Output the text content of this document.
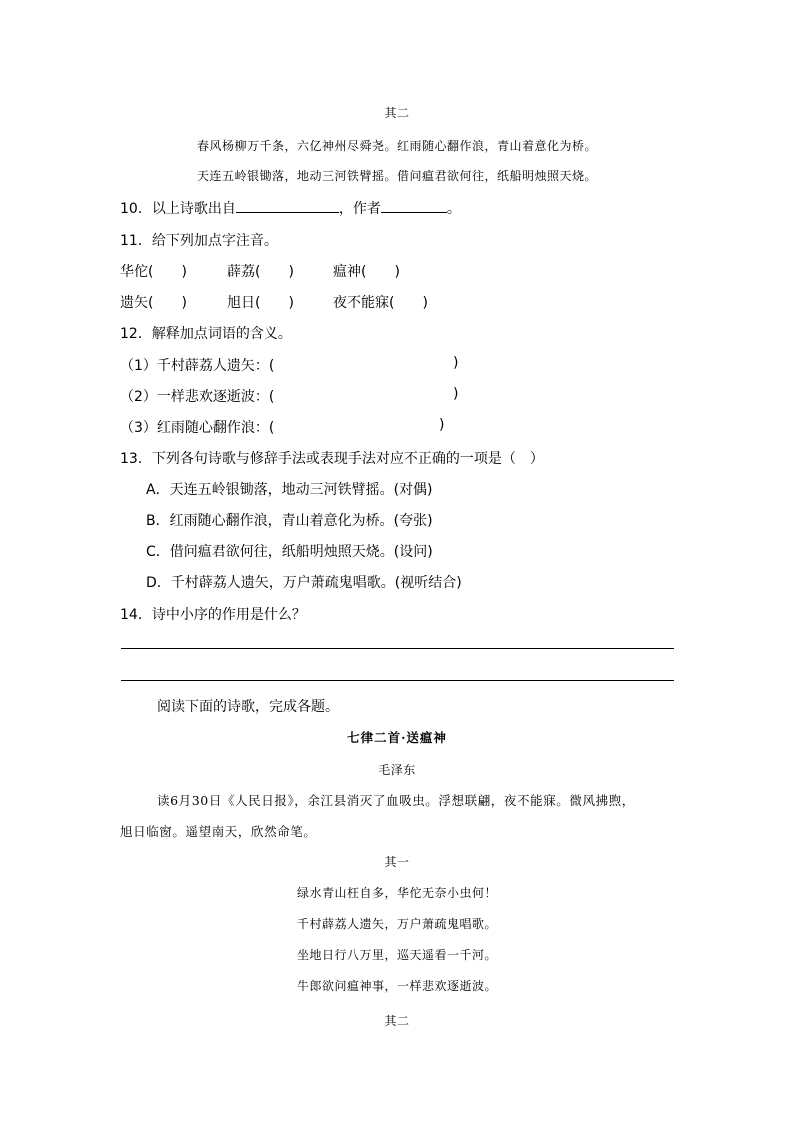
其二
春风杨柳万千条，六亿神州尽舜尧。红雨随心翻作浪，青山着意化为桥。
天连五岭银锄落，地动三河铁臂摇。借问瘟君欲何往，纸船明烛照天烧。
10．以上诗歌出自	，作者	。
11．给下列加点字注音。
华佗(　　)	薜荔(　　)	瘟神(　　)
遗矢(　　)	旭日(　　)	夜不能寐(　　)
12．解释加点词语的含义。
（1）千村薜荔人遗矢：(	)
（2）一样悲欢逐逝波：(	)
（3）红雨随心翻作浪：(	)
13．下列各句诗歌与修辞手法或表现手法对应不正确的一项是（　）
A．天连五岭银锄落，地动三河铁臂摇。(对偶)
B．红雨随心翻作浪，青山着意化为桥。(夸张)
C．借问瘟君欲何往，纸船明烛照天烧。(设问)
D．千村薜荔人遗矢，万户萧疏鬼唱歌。(视听结合)
14．诗中小序的作用是什么？
阅读下面的诗歌，完成各题。
七律二首·送瘟神
毛泽东
读6月30日《人民日报》，余江县消灭了血吸虫。浮想联翩，夜不能寐。微风拂煦，
旭日临窗。遥望南天，欣然命笔。
其一
绿水青山枉自多，华佗无奈小虫何！
千村薜荔人遗矢，万户萧疏鬼唱歌。
坐地日行八万里，巡天遥看一千河。
牛郎欲问瘟神事，一样悲欢逐逝波。
其二
